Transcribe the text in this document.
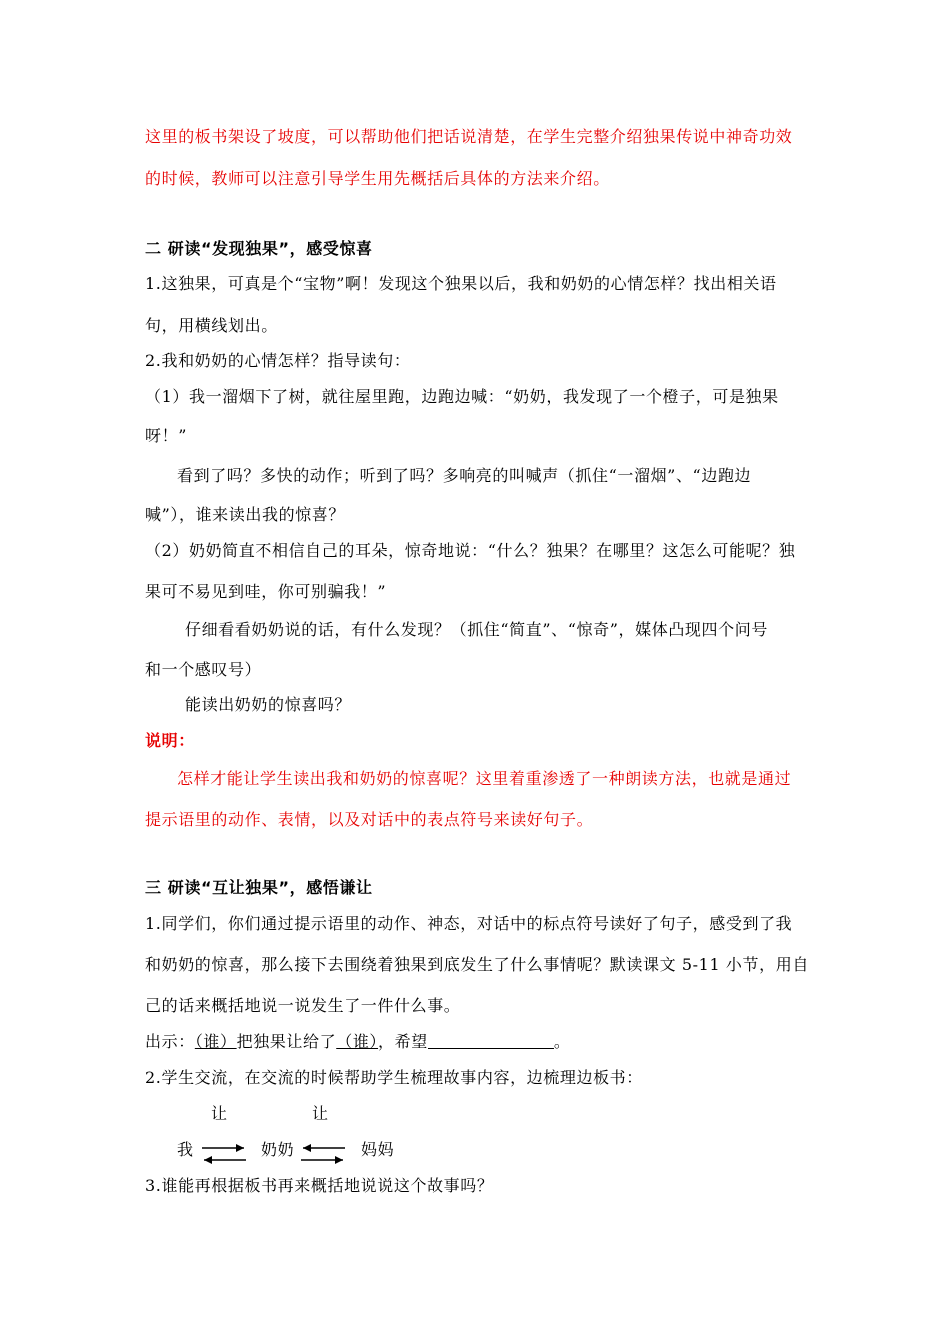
这里的板书架设了坡度，可以帮助他们把话说清楚，在学生完整介绍独果传说中神奇功效
的时候，教师可以注意引导学生用先概括后具体的方法来介绍。
二 研读“发现独果”，感受惊喜
1.这独果，可真是个“宝物”啊！发现这个独果以后，我和奶奶的心情怎样？找出相关语
句，用横线划出。
2.我和奶奶的心情怎样？指导读句：
（1）我一溜烟下了树，就往屋里跑，边跑边喊：“奶奶，我发现了一个橙子，可是独果
呀！”
看到了吗？多快的动作；听到了吗？多响亮的叫喊声（抓住“一溜烟”、“边跑边
喊”），谁来读出我的惊喜？
（2）奶奶简直不相信自己的耳朵，惊奇地说：“什么？独果？在哪里？这怎么可能呢？独
果可不易见到哇，你可别骗我！”
仔细看看奶奶说的话，有什么发现？（抓住“简直”、“惊奇”，媒体凸现四个问号
和一个感叹号）
能读出奶奶的惊喜吗？
说明：
怎样才能让学生读出我和奶奶的惊喜呢？这里着重渗透了一种朗读方法，也就是通过
提示语里的动作、表情，以及对话中的表点符号来读好句子。
三 研读“互让独果”，感悟谦让
1.同学们，你们通过提示语里的动作、神态，对话中的标点符号读好了句子，感受到了我
和奶奶的惊喜，那么接下去围绕着独果到底发生了什么事情呢？默读课文 5-11 小节，用自
己的话来概括地说一说发生了一件什么事。
出示：（谁）把独果让给了（谁），希望	。
2.学生交流，在交流的时候帮助学生梳理故事内容，边梳理边板书：
让	让
我	奶奶	妈妈
3.谁能再根据板书再来概括地说说这个故事吗？
